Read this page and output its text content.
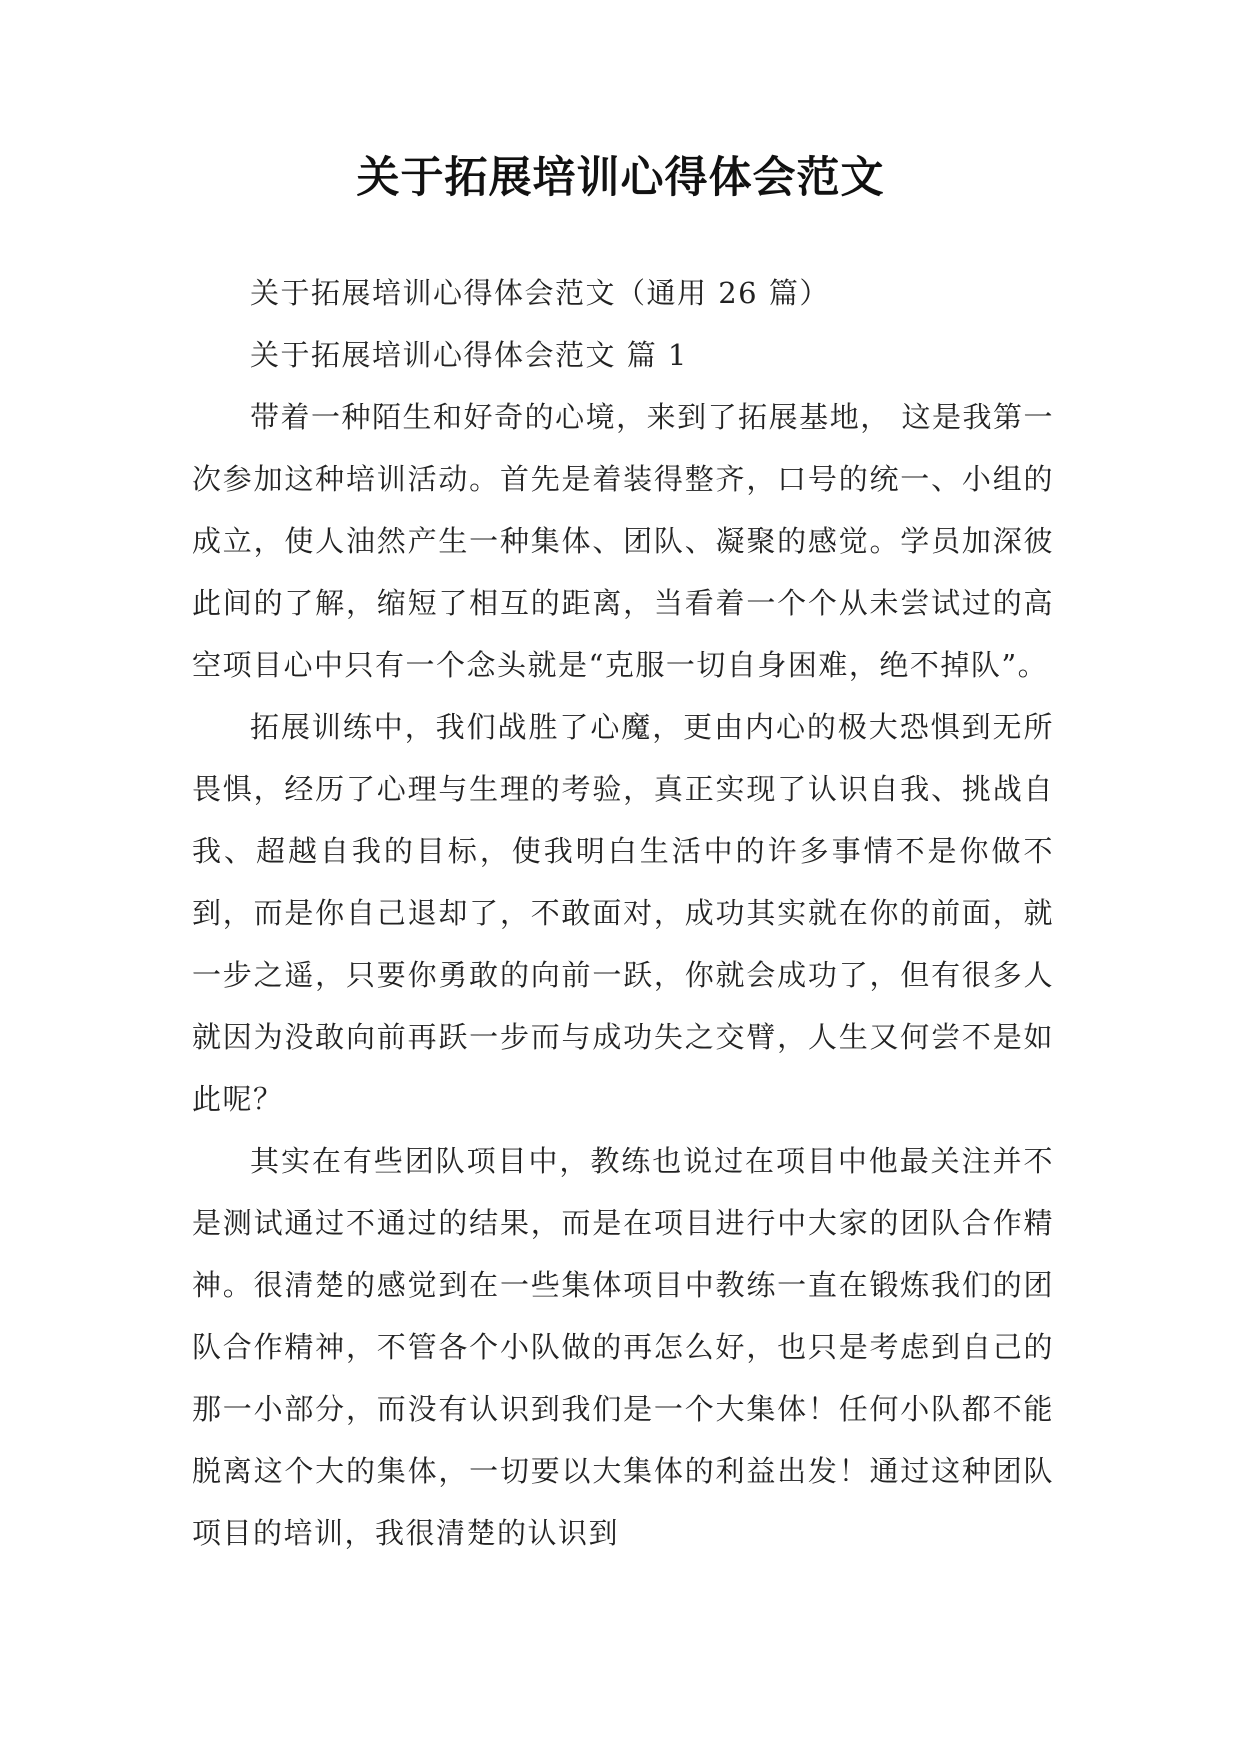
关于拓展培训心得体会范文

关于拓展培训心得体会范文（通用 26 篇）

关于拓展培训心得体会范文 篇 1

带着一种陌生和好奇的心境，来到了拓展基地， 这是我第一次参加这种培训活动。首先是着装得整齐，口号的统一、小组的成立，使人油然产生一种集体、团队、凝聚的感觉。学员加深彼此间的了解，缩短了相互的距离，当看着一个个从未尝试过的高空项目心中只有一个念头就是“克服一切自身困难，绝不掉队”。

拓展训练中，我们战胜了心魔，更由内心的极大恐惧到无所畏惧，经历了心理与生理的考验，真正实现了认识自我、挑战自我、超越自我的目标，使我明白生活中的许多事情不是你做不到，而是你自己退却了，不敢面对，成功其实就在你的前面，就一步之遥，只要你勇敢的向前一跃，你就会成功了，但有很多人就因为没敢向前再跃一步而与成功失之交臂，人生又何尝不是如此呢？

其实在有些团队项目中，教练也说过在项目中他最关注并不是测试通过不通过的结果，而是在项目进行中大家的团队合作精神。很清楚的感觉到在一些集体项目中教练一直在锻炼我们的团队合作精神，不管各个小队做的再怎么好，也只是考虑到自己的那一小部分，而没有认识到我们是一个大集体！任何小队都不能脱离这个大的集体，一切要以大集体的利益出发！通过这种团队项目的培训，我很清楚的认识到
